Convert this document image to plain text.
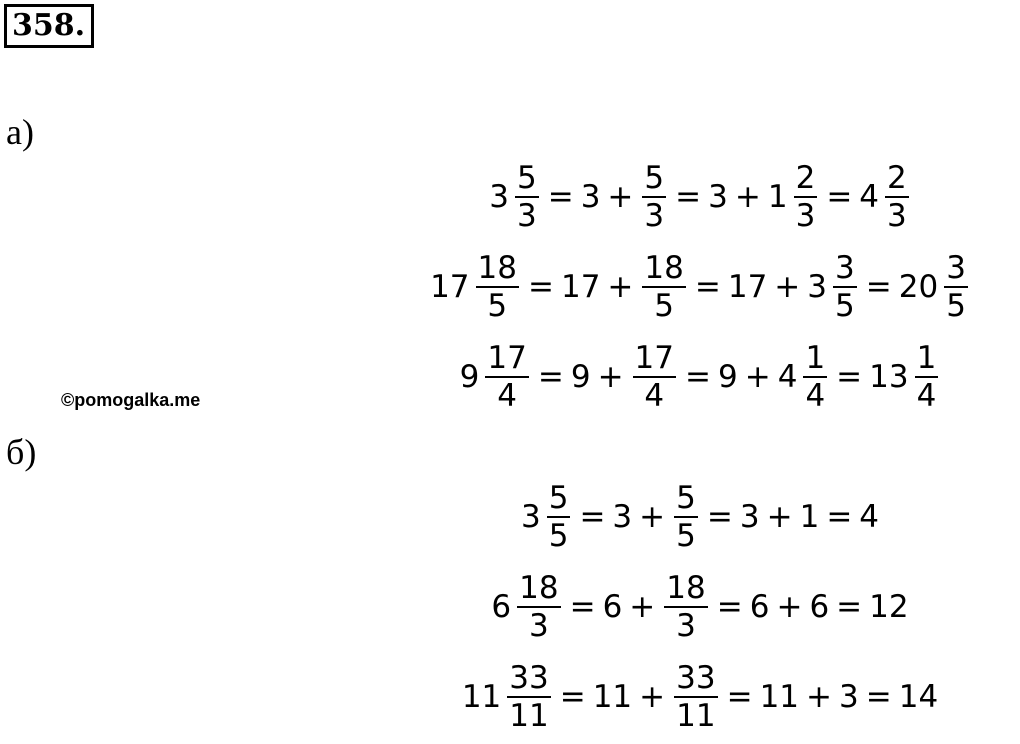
358.
а)
б)
©pomogalka.me
$3 \frac{5}{3} = 3 + \frac{5}{3} = 3 + 1 \frac{2}{3} = 4 \frac{2}{3}$
$17 \frac{18}{5} = 17 + \frac{18}{5} = 17 + 3 \frac{3}{5} = 20 \frac{3}{5}$
$9 \frac{17}{4} = 9 + \frac{17}{4} = 9 + 4 \frac{1}{4} = 13 \frac{1}{4}$
$3 \frac{5}{5} = 3 + \frac{5}{5} = 3 + 1 = 4$
$6 \frac{18}{3} = 6 + \frac{18}{3} = 6 + 6 = 12$
$11 \frac{33}{11} = 11 + \frac{33}{11} = 11 + 3 = 14$
